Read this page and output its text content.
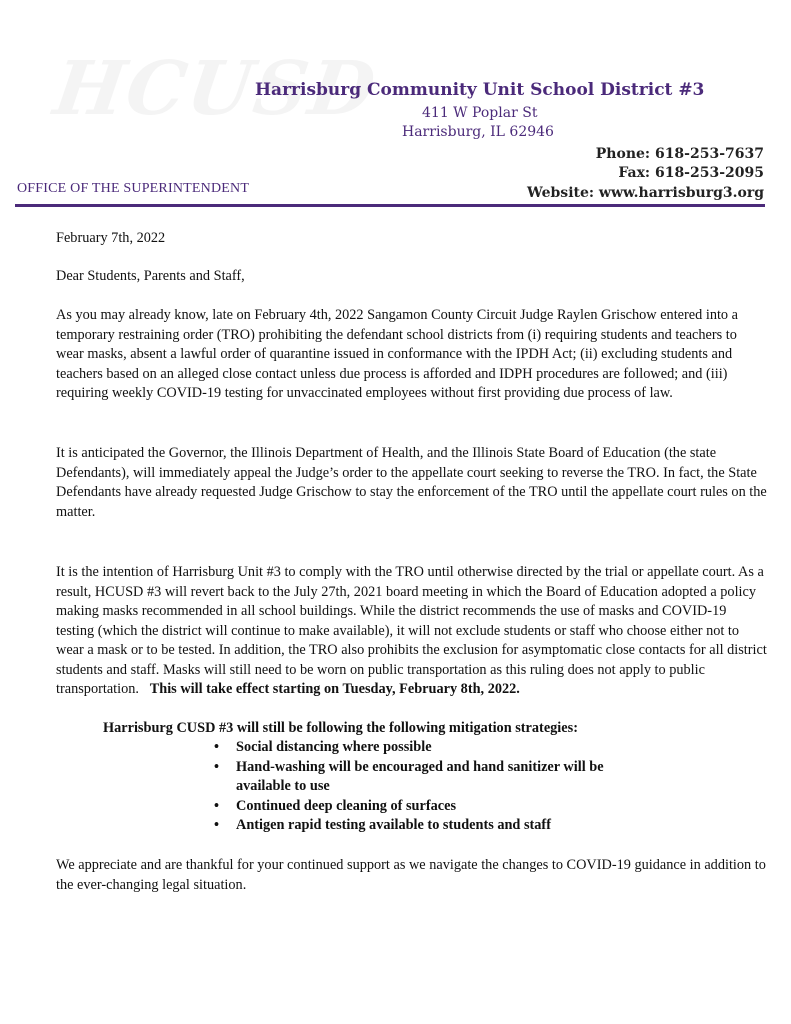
HCUSD
Harrisburg Community Unit School District #3
411 W Poplar St
Harrisburg, IL 62946
Phone: 618-253-7637
Fax: 618-253-2095
Website: www.harrisburg3.org
OFFICE OF THE SUPERINTENDENT

February 7th, 2022

Dear Students, Parents and Staff,

As you may already know, late on February 4th, 2022 Sangamon County Circuit Judge Raylen Grischow entered into a temporary restraining order (TRO) prohibiting the defendant school districts from (i) requiring students and teachers to wear masks, absent a lawful order of quarantine issued in conformance with the IPDH Act; (ii) excluding students and teachers based on an alleged close contact unless due process is afforded and IDPH procedures are followed; and (iii) requiring weekly COVID-19 testing for unvaccinated employees without first providing due process of law.

It is anticipated the Governor, the Illinois Department of Health, and the Illinois State Board of Education (the state Defendants), will immediately appeal the Judge’s order to the appellate court seeking to reverse the TRO. In fact, the State Defendants have already requested Judge Grischow to stay the enforcement of the TRO until the appellate court rules on the matter.

It is the intention of Harrisburg Unit #3 to comply with the TRO until otherwise directed by the trial or appellate court. As a result, HCUSD #3 will revert back to the July 27th, 2021 board meeting in which the Board of Education adopted a policy making masks recommended in all school buildings. While the district recommends the use of masks and COVID-19 testing (which the district will continue to make available), it will not exclude students or staff who choose either not to wear a mask or to be tested. In addition, the TRO also prohibits the exclusion for asymptomatic close contacts for all district students and staff. Masks will still need to be worn on public transportation as this ruling does not apply to public transportation. This will take effect starting on Tuesday, February 8th, 2022.

Harrisburg CUSD #3 will still be following the following mitigation strategies:
• Social distancing where possible
• Hand-washing will be encouraged and hand sanitizer will be available to use
• Continued deep cleaning of surfaces
• Antigen rapid testing available to students and staff

We appreciate and are thankful for your continued support as we navigate the changes to COVID-19 guidance in addition to the ever-changing legal situation.
